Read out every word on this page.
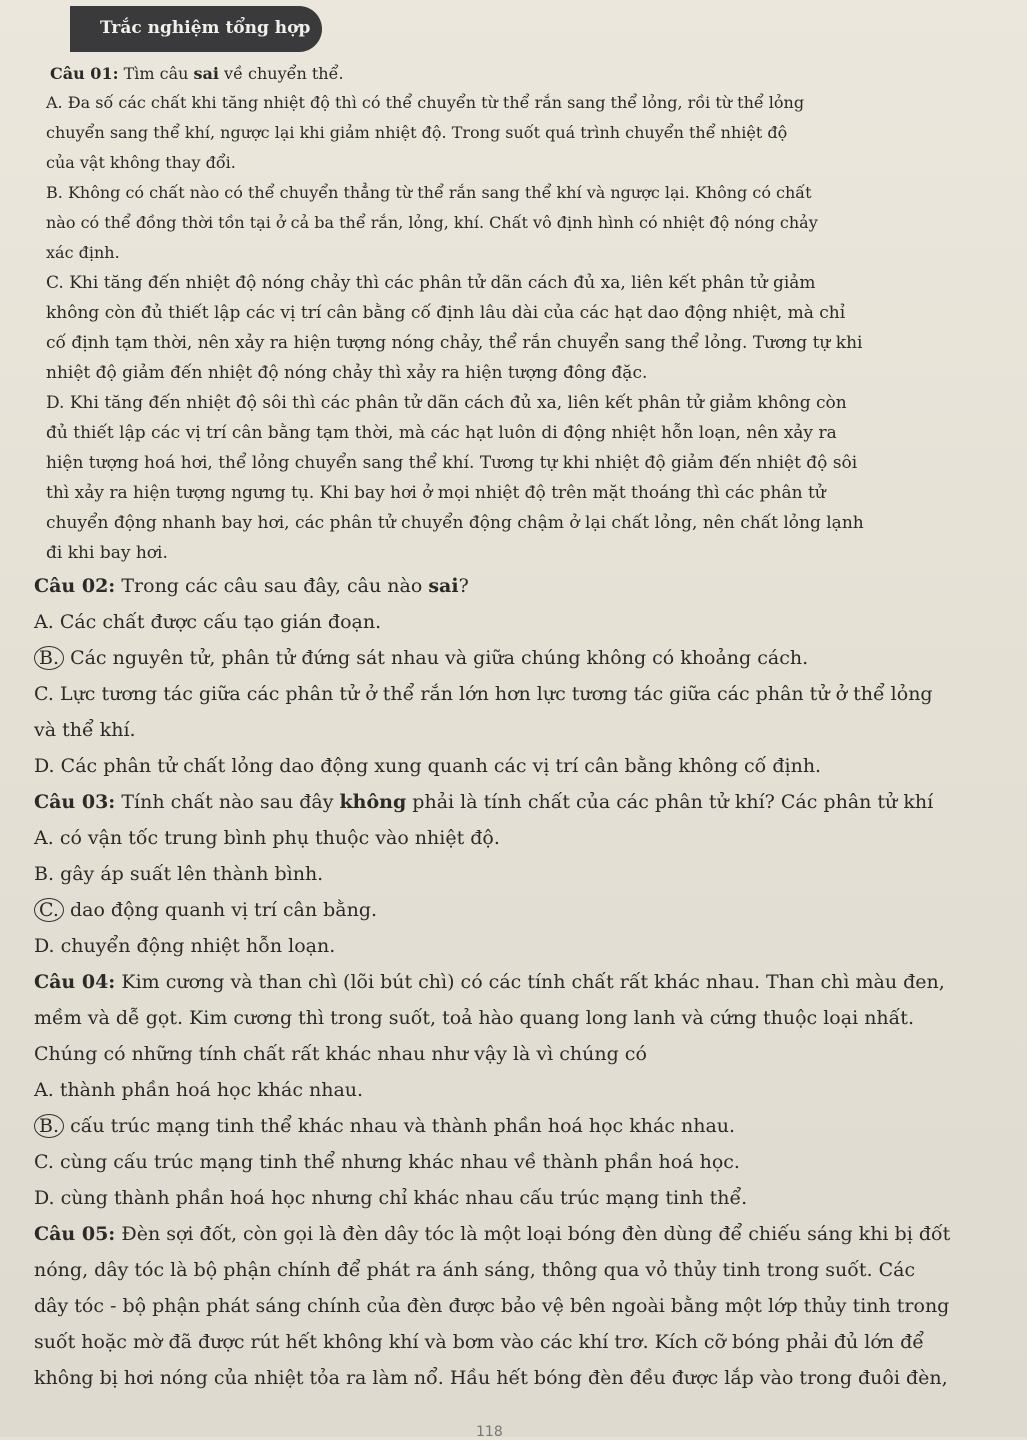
Trắc nghiệm tổng hợp
Câu 01: Tìm câu sai về chuyển thể.
A. Đa số các chất khi tăng nhiệt độ thì có thể chuyển từ thể rắn sang thể lỏng, rồi từ thể lỏng
chuyển sang thể khí, ngược lại khi giảm nhiệt độ. Trong suốt quá trình chuyển thể nhiệt độ
của vật không thay đổi.
B. Không có chất nào có thể chuyển thẳng từ thể rắn sang thể khí và ngược lại. Không có chất
nào có thể đồng thời tồn tại ở cả ba thể rắn, lỏng, khí. Chất vô định hình có nhiệt độ nóng chảy
xác định.
C. Khi tăng đến nhiệt độ nóng chảy thì các phân tử dãn cách đủ xa, liên kết phân tử giảm
không còn đủ thiết lập các vị trí cân bằng cố định lâu dài của các hạt dao động nhiệt, mà chỉ
cố định tạm thời, nên xảy ra hiện tượng nóng chảy, thể rắn chuyển sang thể lỏng. Tương tự khi
nhiệt độ giảm đến nhiệt độ nóng chảy thì xảy ra hiện tượng đông đặc.
D. Khi tăng đến nhiệt độ sôi thì các phân tử dãn cách đủ xa, liên kết phân tử giảm không còn
đủ thiết lập các vị trí cân bằng tạm thời, mà các hạt luôn di động nhiệt hỗn loạn, nên xảy ra
hiện tượng hoá hơi, thể lỏng chuyển sang thể khí. Tương tự khi nhiệt độ giảm đến nhiệt độ sôi
thì xảy ra hiện tượng ngưng tụ. Khi bay hơi ở mọi nhiệt độ trên mặt thoáng thì các phân tử
chuyển động nhanh bay hơi, các phân tử chuyển động chậm ở lại chất lỏng, nên chất lỏng lạnh
đi khi bay hơi.
Câu 02: Trong các câu sau đây, câu nào sai?
A. Các chất được cấu tạo gián đoạn.
B. Các nguyên tử, phân tử đứng sát nhau và giữa chúng không có khoảng cách.
C. Lực tương tác giữa các phân tử ở thể rắn lớn hơn lực tương tác giữa các phân tử ở thể lỏng
và thể khí.
D. Các phân tử chất lỏng dao động xung quanh các vị trí cân bằng không cố định.
Câu 03: Tính chất nào sau đây không phải là tính chất của các phân tử khí? Các phân tử khí
A. có vận tốc trung bình phụ thuộc vào nhiệt độ.
B. gây áp suất lên thành bình.
C. dao động quanh vị trí cân bằng.
D. chuyển động nhiệt hỗn loạn.
Câu 04: Kim cương và than chì (lõi bút chì) có các tính chất rất khác nhau. Than chì màu đen,
mềm và dễ gọt. Kim cương thì trong suốt, toả hào quang long lanh và cứng thuộc loại nhất.
Chúng có những tính chất rất khác nhau như vậy là vì chúng có
A. thành phần hoá học khác nhau.
B. cấu trúc mạng tinh thể khác nhau và thành phần hoá học khác nhau.
C. cùng cấu trúc mạng tinh thể nhưng khác nhau về thành phần hoá học.
D. cùng thành phần hoá học nhưng chỉ khác nhau cấu trúc mạng tinh thể.
Câu 05: Đèn sợi đốt, còn gọi là đèn dây tóc là một loại bóng đèn dùng để chiếu sáng khi bị đốt
nóng, dây tóc là bộ phận chính để phát ra ánh sáng, thông qua vỏ thủy tinh trong suốt. Các
dây tóc - bộ phận phát sáng chính của đèn được bảo vệ bên ngoài bằng một lớp thủy tinh trong
suốt hoặc mờ đã được rút hết không khí và bơm vào các khí trơ. Kích cỡ bóng phải đủ lớn để
không bị hơi nóng của nhiệt tỏa ra làm nổ. Hầu hết bóng đèn đều được lắp vào trong đuôi đèn,
118
